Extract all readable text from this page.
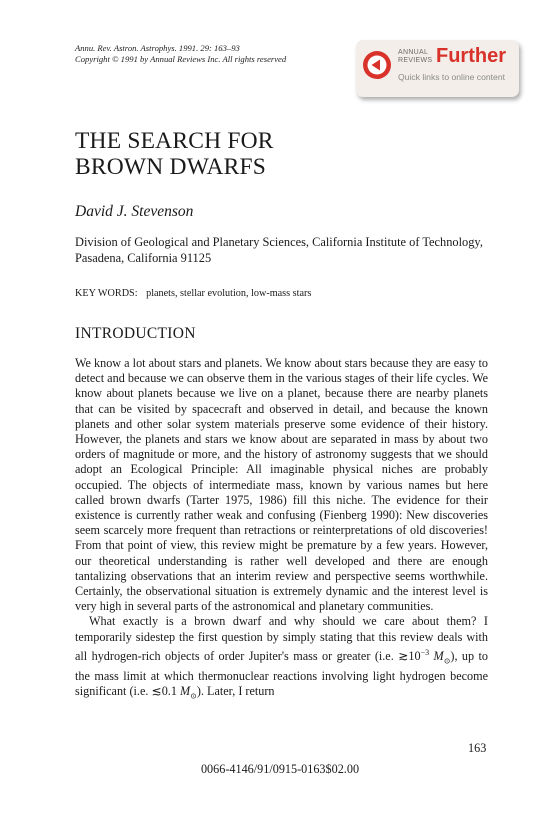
Annu. Rev. Astron. Astrophys. 1991. 29: 163–93
Copyright © 1991 by Annual Reviews Inc. All rights reserved
ANNUAL
REVIEWS Further
Quick links to online content
THE SEARCH FOR
BROWN DWARFS
David J. Stevenson
Division of Geological and Planetary Sciences, California Institute of Technology, Pasadena, California 91125
KEY WORDS: planets, stellar evolution, low-mass stars
INTRODUCTION

We know a lot about stars and planets. We know about stars because they are easy to detect and because we can observe them in the various stages of their life cycles. We know about planets because we live on a planet, because there are nearby planets that can be visited by spacecraft and observed in detail, and because the known planets and other solar system materials preserve some evidence of their history. However, the planets and stars we know about are separated in mass by about two orders of magnitude or more, and the history of astronomy suggests that we should adopt an Ecological Principle: All imaginable physical niches are probably occupied. The objects of intermediate mass, known by various names but here called brown dwarfs (Tarter 1975, 1986) fill this niche. The evidence for their existence is currently rather weak and confusing (Fienberg 1990): New discoveries seem scarcely more frequent than retractions or reinterpretations of old discoveries! From that point of view, this review might be premature by a few years. However, our theoretical understanding is rather well developed and there are enough tantalizing observations that an interim review and perspective seems worthwhile. Certainly, the observational situation is extremely dynamic and the interest level is very high in several parts of the astronomical and planetary communities.

What exactly is a brown dwarf and why should we care about them? I temporarily sidestep the first question by simply stating that this review deals with all hydrogen-rich objects of order Jupiter's mass or greater (i.e. $≳10^{-3}$ $M_⊙$), up to the mass limit at which thermonuclear reactions involving light hydrogen become significant (i.e. ≲0.1 $M_⊙$). Later, I return

163
0066-4146/91/0915-0163$02.00
